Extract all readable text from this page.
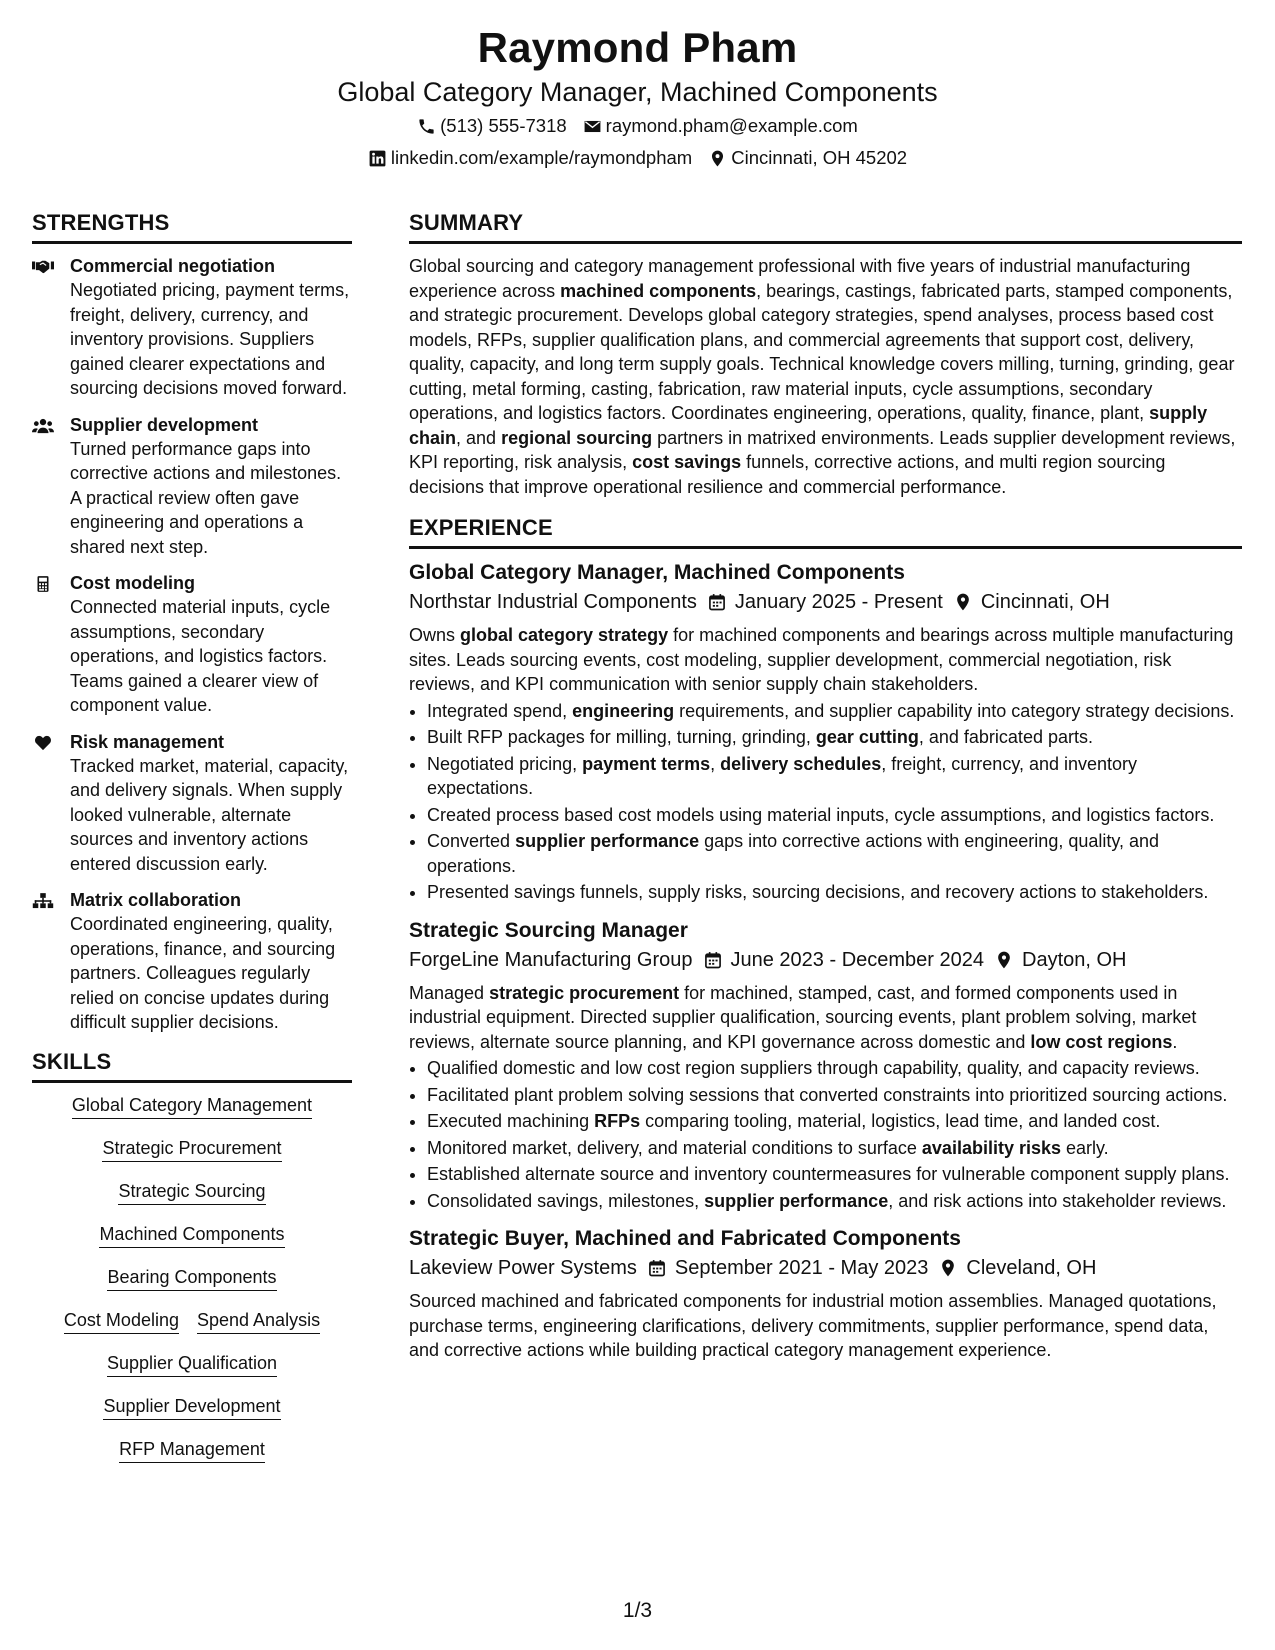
Raymond Pham
Global Category Manager, Machined Components
(513) 555-7318 raymond.pham@example.com
linkedin.com/example/raymondpham Cincinnati, OH 45202
STRENGTHS
Commercial negotiation
Negotiated pricing, payment terms, freight, delivery, currency, and inventory provisions. Suppliers gained clearer expectations and sourcing decisions moved forward.
Supplier development
Turned performance gaps into corrective actions and milestones. A practical review often gave engineering and operations a shared next step.
Cost modeling
Connected material inputs, cycle assumptions, secondary operations, and logistics factors. Teams gained a clearer view of component value.
Risk management
Tracked market, material, capacity, and delivery signals. When supply looked vulnerable, alternate sources and inventory actions entered discussion early.
Matrix collaboration
Coordinated engineering, quality, operations, finance, and sourcing partners. Colleagues regularly relied on concise updates during difficult supplier decisions.
SKILLS
Global Category Management
Strategic Procurement
Strategic Sourcing
Machined Components
Bearing Components
Cost Modeling Spend Analysis
Supplier Qualification
Supplier Development
RFP Management
SUMMARY
Global sourcing and category management professional with five years of industrial manufacturing experience across machined components, bearings, castings, fabricated parts, stamped components, and strategic procurement. Develops global category strategies, spend analyses, process based cost models, RFPs, supplier qualification plans, and commercial agreements that support cost, delivery, quality, capacity, and long term supply goals. Technical knowledge covers milling, turning, grinding, gear cutting, metal forming, casting, fabrication, raw material inputs, cycle assumptions, secondary operations, and logistics factors. Coordinates engineering, operations, quality, finance, plant, supply chain, and regional sourcing partners in matrixed environments. Leads supplier development reviews, KPI reporting, risk analysis, cost savings funnels, corrective actions, and multi region sourcing decisions that improve operational resilience and commercial performance.
EXPERIENCE
Global Category Manager, Machined Components
Northstar Industrial Components January 2025 - Present Cincinnati, OH
Owns global category strategy for machined components and bearings across multiple manufacturing sites. Leads sourcing events, cost modeling, supplier development, commercial negotiation, risk reviews, and KPI communication with senior supply chain stakeholders.
• Integrated spend, engineering requirements, and supplier capability into category strategy decisions.
• Built RFP packages for milling, turning, grinding, gear cutting, and fabricated parts.
• Negotiated pricing, payment terms, delivery schedules, freight, currency, and inventory expectations.
• Created process based cost models using material inputs, cycle assumptions, and logistics factors.
• Converted supplier performance gaps into corrective actions with engineering, quality, and operations.
• Presented savings funnels, supply risks, sourcing decisions, and recovery actions to stakeholders.
Strategic Sourcing Manager
ForgeLine Manufacturing Group June 2023 - December 2024 Dayton, OH
Managed strategic procurement for machined, stamped, cast, and formed components used in industrial equipment. Directed supplier qualification, sourcing events, plant problem solving, market reviews, alternate source planning, and KPI governance across domestic and low cost regions.
• Qualified domestic and low cost region suppliers through capability, quality, and capacity reviews.
• Facilitated plant problem solving sessions that converted constraints into prioritized sourcing actions.
• Executed machining RFPs comparing tooling, material, logistics, lead time, and landed cost.
• Monitored market, delivery, and material conditions to surface availability risks early.
• Established alternate source and inventory countermeasures for vulnerable component supply plans.
• Consolidated savings, milestones, supplier performance, and risk actions into stakeholder reviews.
Strategic Buyer, Machined and Fabricated Components
Lakeview Power Systems September 2021 - May 2023 Cleveland, OH
Sourced machined and fabricated components for industrial motion assemblies. Managed quotations, purchase terms, engineering clarifications, delivery commitments, supplier performance, spend data, and corrective actions while building practical category management experience.
1/3
